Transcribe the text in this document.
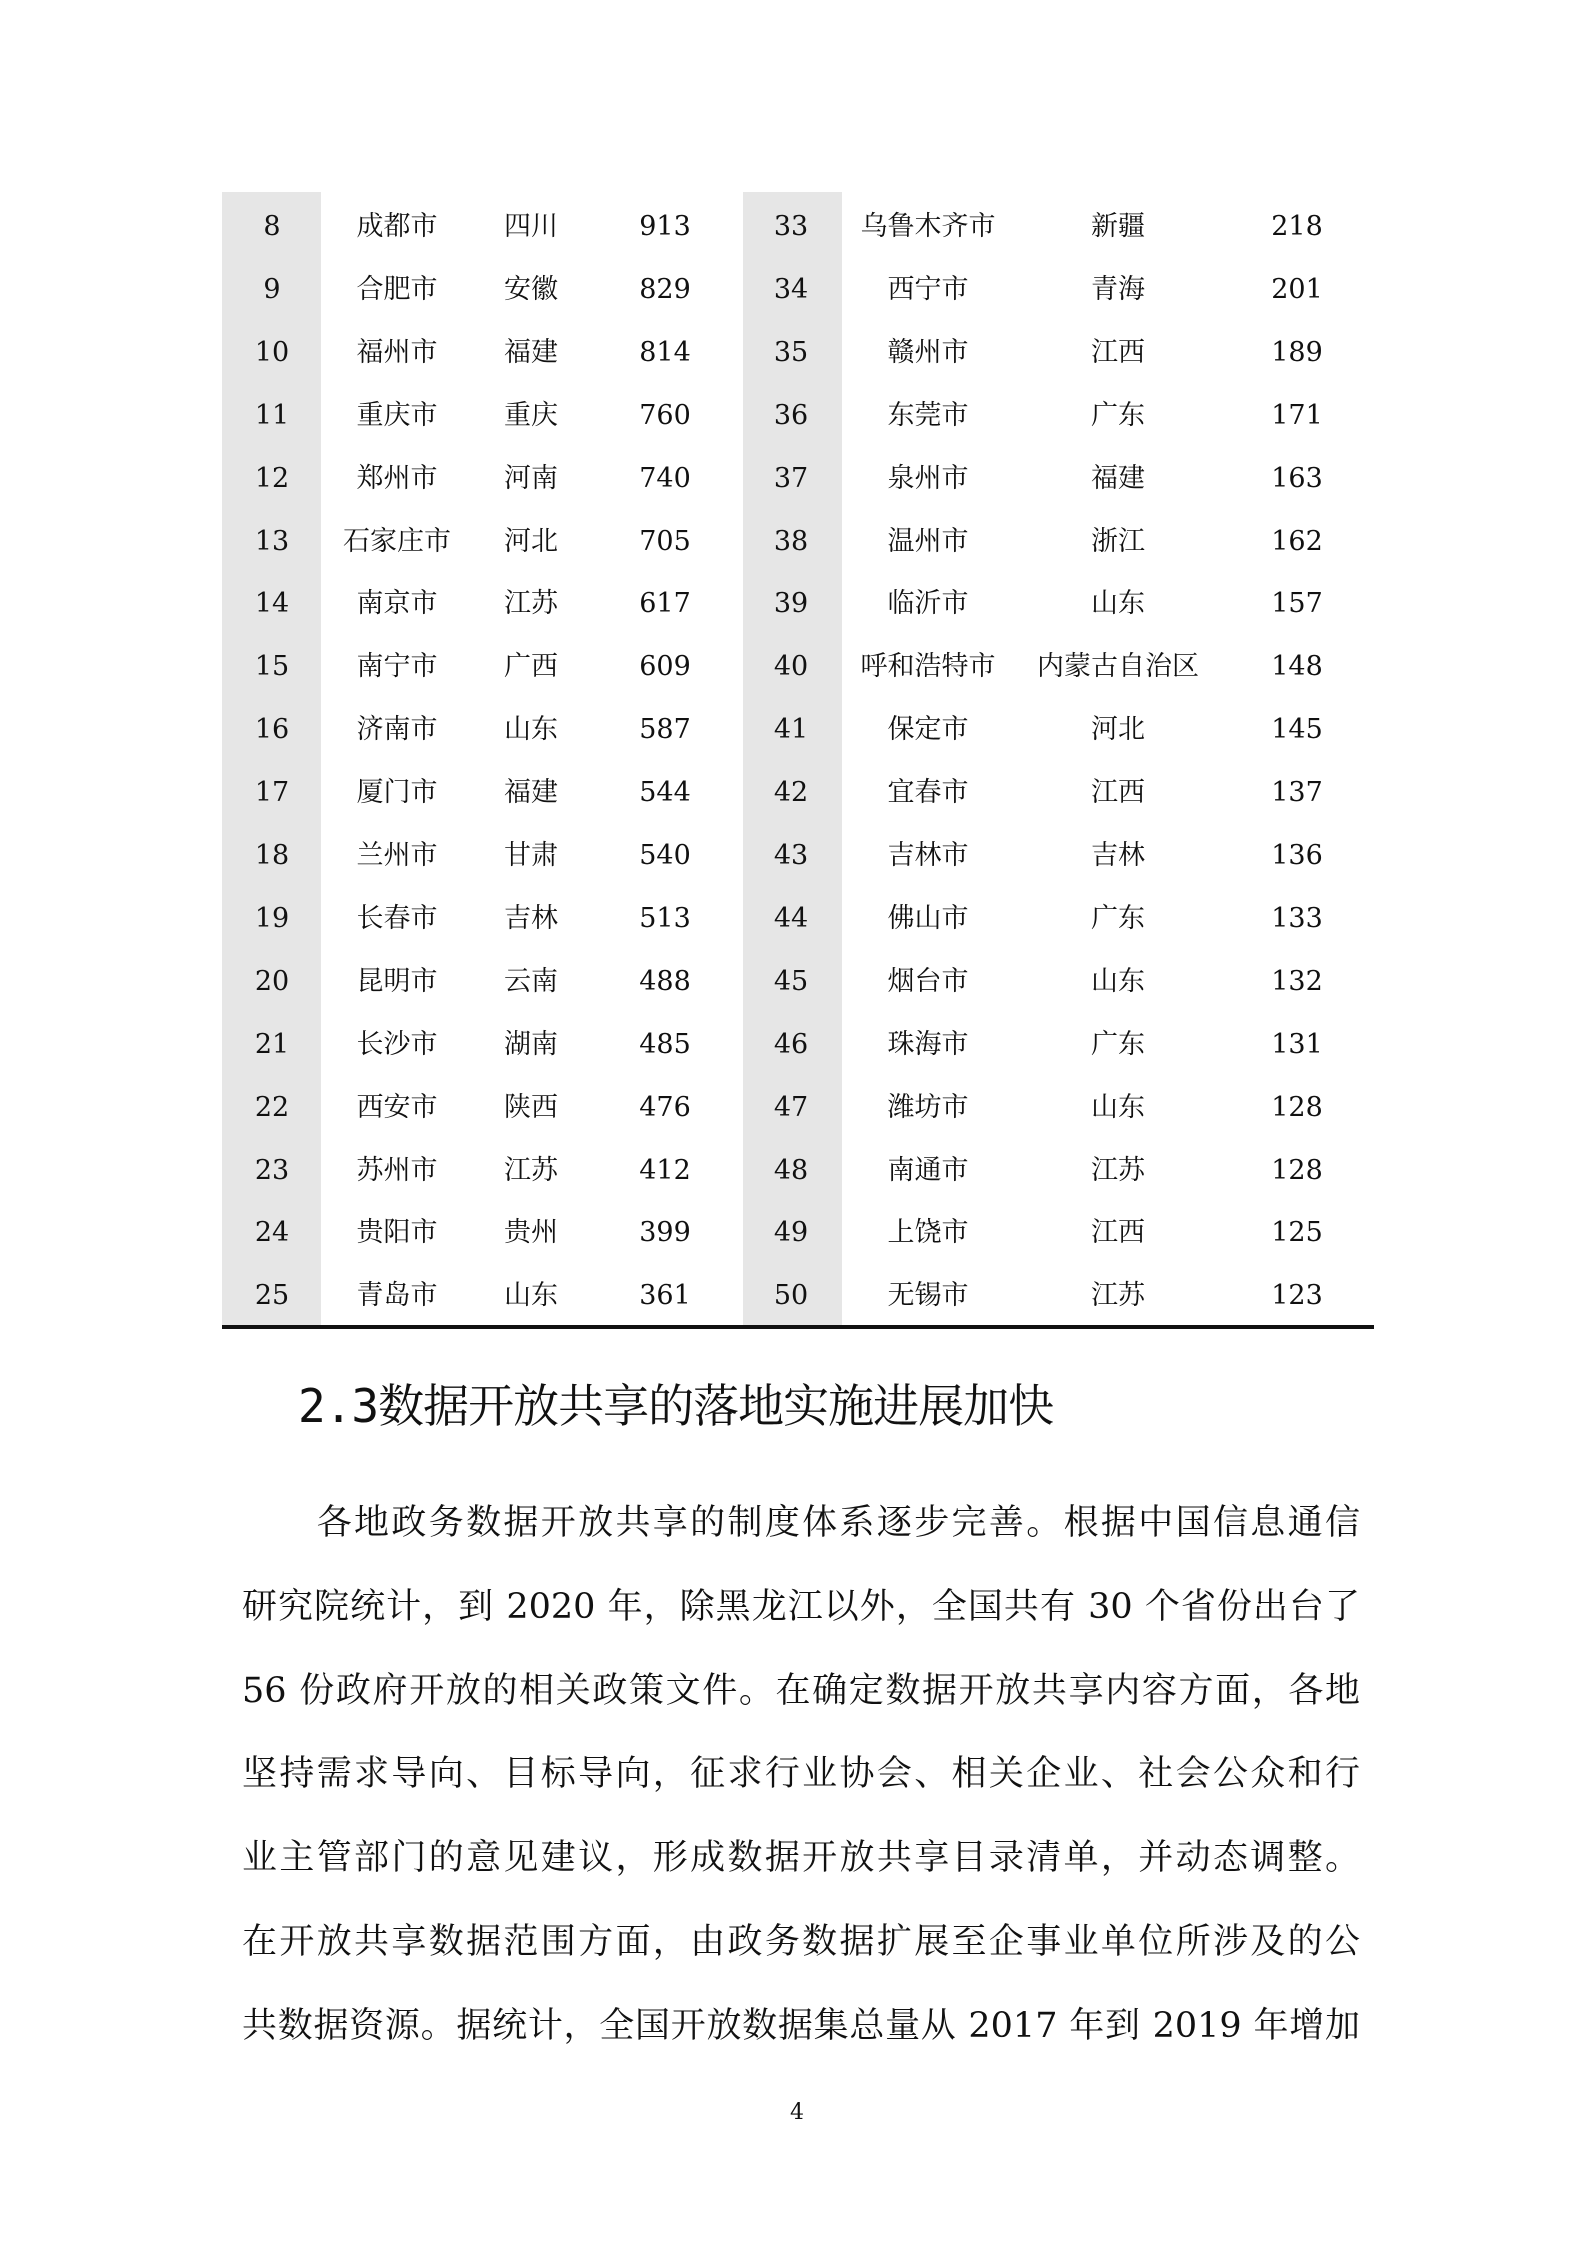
8	成都市	四川	913
9	合肥市	安徽	829
10	福州市	福建	814
11	重庆市	重庆	760
12	郑州市	河南	740
13	石家庄市	河北	705
14	南京市	江苏	617
15	南宁市	广西	609
16	济南市	山东	587
17	厦门市	福建	544
18	兰州市	甘肃	540
19	长春市	吉林	513
20	昆明市	云南	488
21	长沙市	湖南	485
22	西安市	陕西	476
23	苏州市	江苏	412
24	贵阳市	贵州	399
25	青岛市	山东	361
33	乌鲁木齐市	新疆	218
34	西宁市	青海	201
35	赣州市	江西	189
36	东莞市	广东	171
37	泉州市	福建	163
38	温州市	浙江	162
39	临沂市	山东	157
40	呼和浩特市	内蒙古自治区	148
41	保定市	河北	145
42	宜春市	江西	137
43	吉林市	吉林	136
44	佛山市	广东	133
45	烟台市	山东	132
46	珠海市	广东	131
47	潍坊市	山东	128
48	南通市	江苏	128
49	上饶市	江西	125
50	无锡市	江苏	123
2.3数据开放共享的落地实施进展加快
　　各地政务数据开放共享的制度体系逐步完善。根据中国信息通信
研究院统计，到 2020 年，除黑龙江以外，全国共有 30 个省份出台了
56 份政府开放的相关政策文件。在确定数据开放共享内容方面，各地
坚持需求导向、目标导向，征求行业协会、相关企业、社会公众和行
业主管部门的意见建议，形成数据开放共享目录清单，并动态调整。
在开放共享数据范围方面，由政务数据扩展至企事业单位所涉及的公
共数据资源。据统计，全国开放数据集总量从 2017 年到 2019 年增加
4
